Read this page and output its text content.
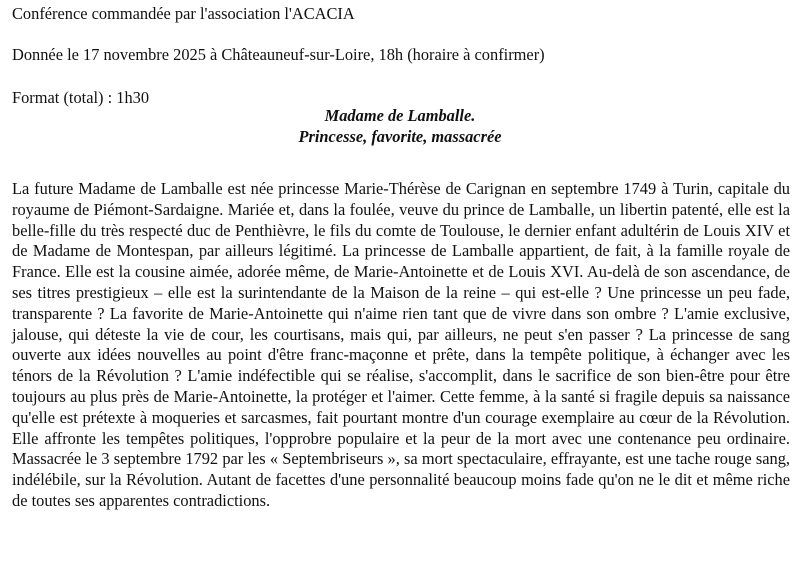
Conférence commandée par l'association l'ACACIA
Donnée le 17 novembre 2025 à Châteauneuf-sur-Loire, 18h (horaire à confirmer)
Format (total) : 1h30
Madame de Lamballe.
Princesse, favorite, massacrée

La future Madame de Lamballe est née princesse Marie-Thérèse de Carignan en septembre 1749 à Turin, capitale du royaume de Piémont-Sardaigne. Mariée et, dans la foulée, veuve du prince de Lamballe, un libertin patenté, elle est la belle-fille du très respecté duc de Penthièvre, le fils du comte de Toulouse, le dernier enfant adultérin de Louis XIV et de Madame de Montespan, par ailleurs légitimé. La princesse de Lamballe appartient, de fait, à la famille royale de France. Elle est la cousine aimée, adorée même, de Marie-Antoinette et de Louis XVI. Au-delà de son ascendance, de ses titres prestigieux – elle est la surintendante de la Maison de la reine – qui est-elle ? Une princesse un peu fade, transparente ? La favorite de Marie-Antoinette qui n'aime rien tant que de vivre dans son ombre ? L'amie exclusive, jalouse, qui déteste la vie de cour, les courtisans, mais qui, par ailleurs, ne peut s'en passer ? La princesse de sang ouverte aux idées nouvelles au point d'être franc-maçonne et prête, dans la tempête politique, à échanger avec les ténors de la Révolution ? L'amie indéfectible qui se réalise, s'accomplit, dans le sacrifice de son bien-être pour être toujours au plus près de Marie-Antoinette, la protéger et l'aimer. Cette femme, à la santé si fragile depuis sa naissance qu'elle est prétexte à moqueries et sarcasmes, fait pourtant montre d'un courage exemplaire au cœur de la Révolution. Elle affronte les tempêtes politiques, l'opprobre populaire et la peur de la mort avec une contenance peu ordinaire. Massacrée le 3 septembre 1792 par les « Septembriseurs », sa mort spectaculaire, effrayante, est une tache rouge sang, indélébile, sur la Révolution. Autant de facettes d'une personnalité beaucoup moins fade qu'on ne le dit et même riche de toutes ses apparentes contradictions.
